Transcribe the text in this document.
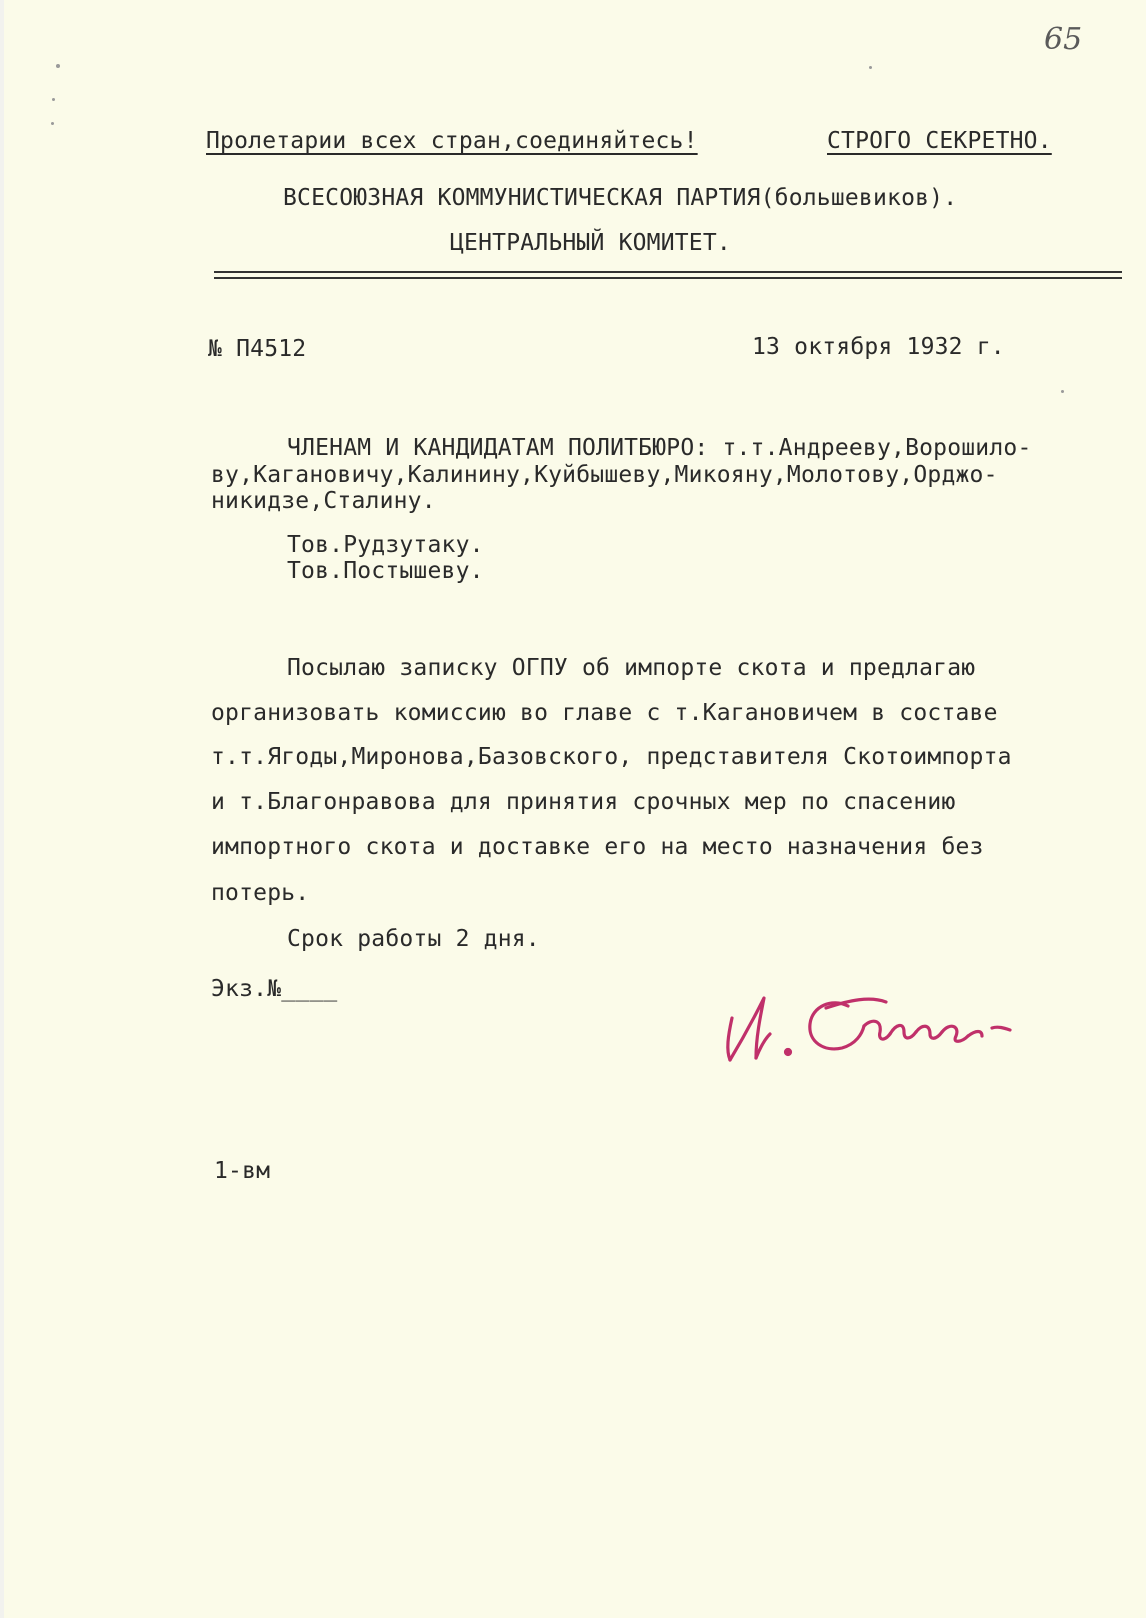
65
Пролетарии всех стран,соединяйтесь!	СТРОГО СЕКРЕТНО.
ВСЕСОЮЗНАЯ КОММУНИСТИЧЕСКАЯ ПАРТИЯ(большевиков).
ЦЕНТРАЛЬНЫЙ КОМИТЕТ.
№ П4512	13 октября 1932 г.
ЧЛЕНАМ И КАНДИДАТАМ ПОЛИТБЮРО: т.т.Андрееву,Ворошило-
ву,Кагановичу,Калинину,Куйбышеву,Микояну,Молотову,Орджо-
никидзе,Сталину.
Тов.Рудзутаку.
Тов.Постышеву.
Посылаю записку ОГПУ об импорте скота и предлагаю
организовать комиссию во главе с т.Кагановичем в составе
т.т.Ягоды,Миронова,Базовского, представителя Скотоимпорта
и т.Благонравова для принятия срочных мер по спасению
импортного скота и доставке его на место назначения без
потерь.
Срок работы 2 дня.
Экз.№____
1-вм
